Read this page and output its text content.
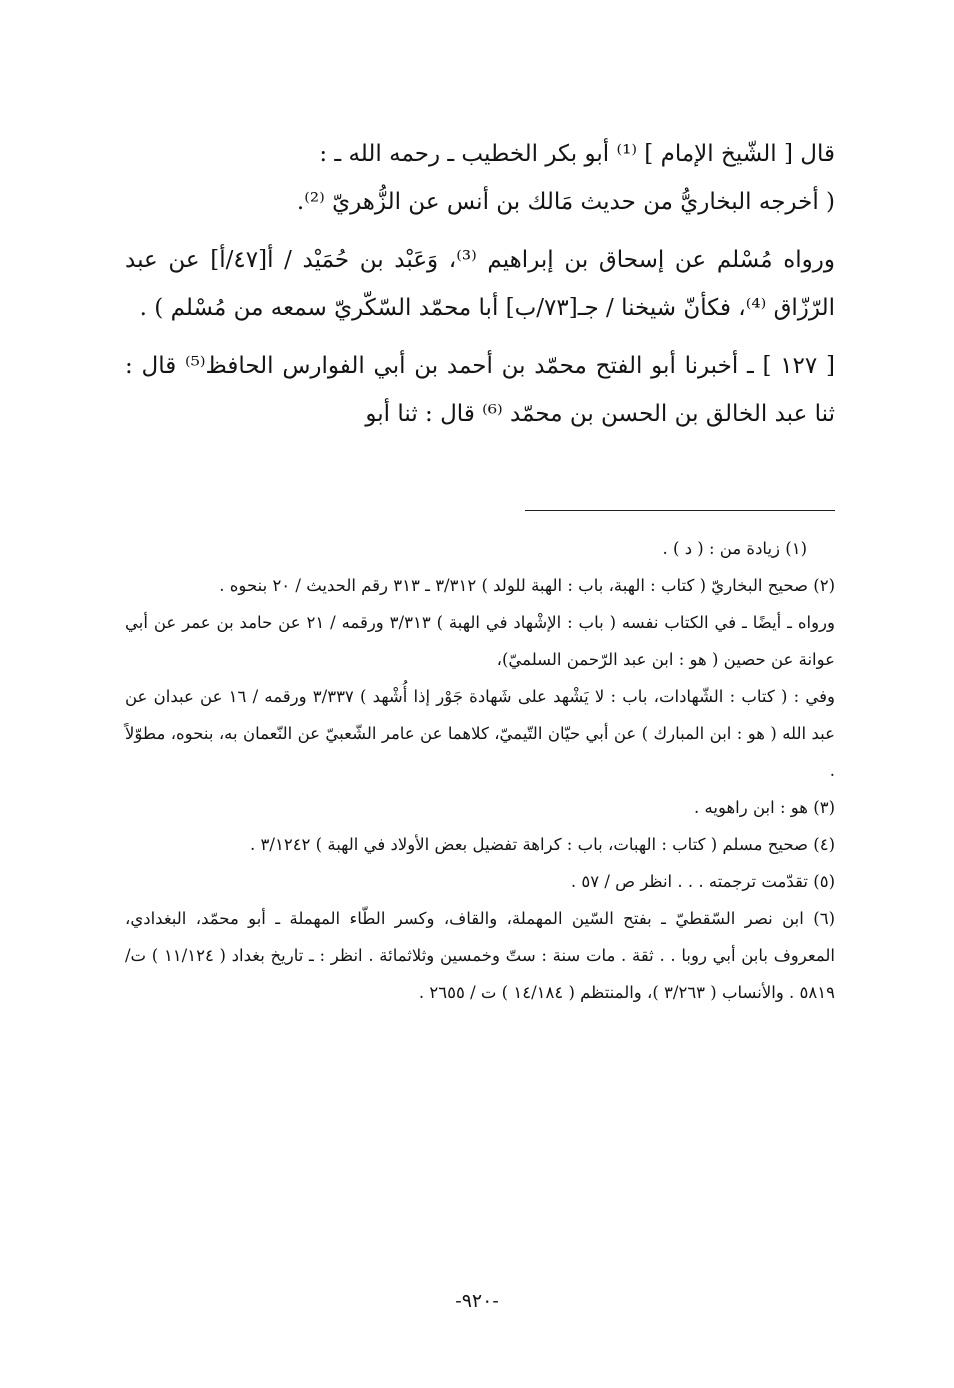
قال [ الشّيخ الإمام ] ⁽¹⁾ أبو بكر الخطيب ـ رحمه الله ـ :

( أخرجه البخاريُّ من حديث مَالك بن أنس عن الزُّهريّ ⁽²⁾.

ورواه مُسْلم عن إسحاق بن إبراهيم ⁽³⁾، وَعَبْد بن حُمَيْد / أ[٤٧/أ] عن عبد الرّزّاق ⁽⁴⁾، فكأنّ شيخنا / جـ[٧٣/ب] أبا محمّد السّكّريّ سمعه من مُسْلم ) .

[ ١٢٧ ] ـ أخبرنا أبو الفتح محمّد بن أحمد بن أبي الفوارس الحافظ⁽⁵⁾ قال : ثنا عبد الخالق بن الحسن بن محمّد ⁽⁶⁾ قال : ثنا أبو

(١) زيادة من : ( د ) .

(٢) صحيح البخاريّ ( كتاب : الهبة، باب : الهبة للولد ) ٣/٣١٢ ـ ٣١٣ رقم الحديث / ٢٠ بنحوه .

ورواه ـ أيضًا ـ في الكتاب نفسه ( باب : الإشْهاد في الهبة ) ٣/٣١٣ ورقمه / ٢١ عن حامد بن عمر عن أبي عوانة عن حصين ( هو : ابن عبد الرّحمن السلميّ)،

وفي : ( كتاب : الشّهادات، باب : لا يَشْهد على شَهادة جَوْر إذا أُشْهد ) ٣/٣٣٧ ورقمه / ١٦ عن عبدان عن عبد الله ( هو : ابن المبارك ) عن أبي حيّان التّيميّ، كلاهما عن عامر الشّعبيّ عن النّعمان به، بنحوه، مطوّلاً .

(٣) هو : ابن راهويه .

(٤) صحيح مسلم ( كتاب : الهبات، باب : كراهة تفضيل بعض الأولاد في الهبة ) ٣/١٢٤٢ .

(٥) تقدّمت ترجمته . . . انظر ص / ٥٧ .

(٦) ابن نصر السّقطيّ ـ بفتح السّين المهملة، والقاف، وكسر الطّاء المهملة ـ أبو محمّد، البغدادي، المعروف بابن أبي روبا . . ثقة . مات سنة : ستّ وخمسين وثلاثمائة . انظر : ـ تاريخ بغداد ( ١١/١٢٤ ) ت/ ٥٨١٩ . والأنساب ( ٣/٢٦٣ )، والمنتظم ( ١٤/١٨٤ ) ت / ٢٦٥٥ .

-٩٢٠-
